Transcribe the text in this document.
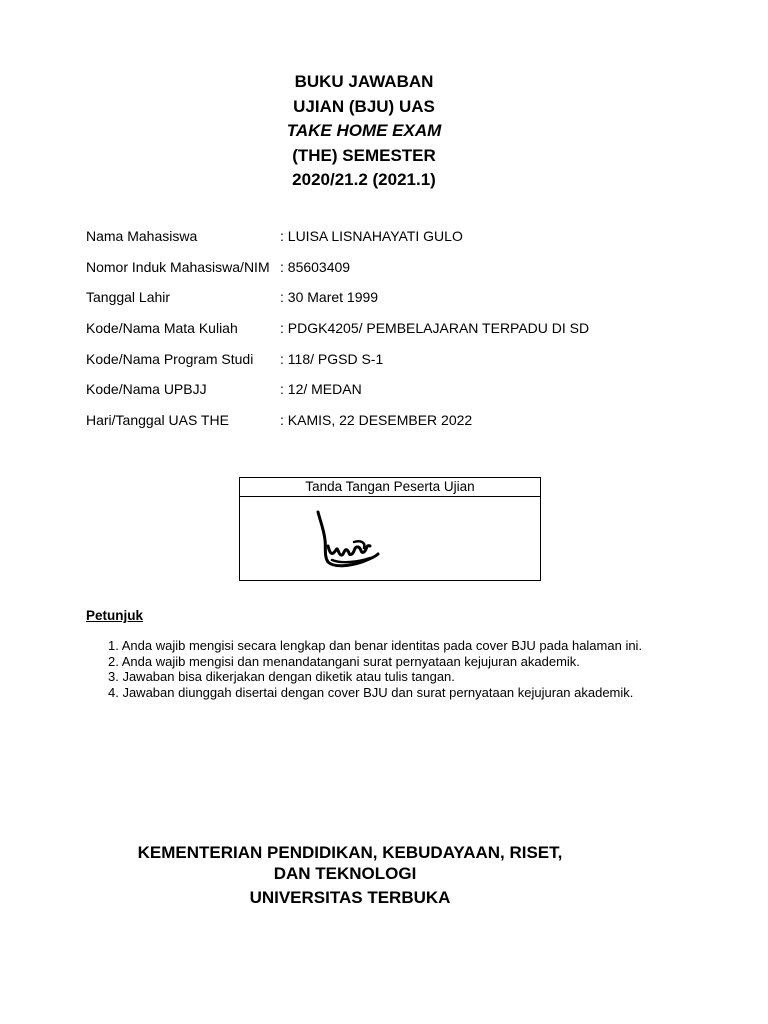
BUKU JAWABAN
UJIAN (BJU) UAS
TAKE HOME EXAM
(THE) SEMESTER
2020/21.2 (2021.1)
Nama Mahasiswa	: LUISA LISNAHAYATI GULO
Nomor Induk Mahasiswa/NIM : 85603409
Tanggal Lahir	: 30 Maret 1999
Kode/Nama Mata Kuliah	: PDGK4205/ PEMBELAJARAN TERPADU DI SD
Kode/Nama Program Studi : 118/ PGSD S-1
Kode/Nama UPBJJ	: 12/ MEDAN
Hari/Tanggal UAS THE	: KAMIS, 22 DESEMBER 2022
Tanda Tangan Peserta Ujian
Petunjuk
1. Anda wajib mengisi secara lengkap dan benar identitas pada cover BJU pada halaman ini.
2. Anda wajib mengisi dan menandatangani surat pernyataan kejujuran akademik.
3. Jawaban bisa dikerjakan dengan diketik atau tulis tangan.
4. Jawaban diunggah disertai dengan cover BJU dan surat pernyataan kejujuran akademik.
KEMENTERIAN PENDIDIKAN, KEBUDAYAAN, RISET,
DAN TEKNOLOGI
UNIVERSITAS TERBUKA
